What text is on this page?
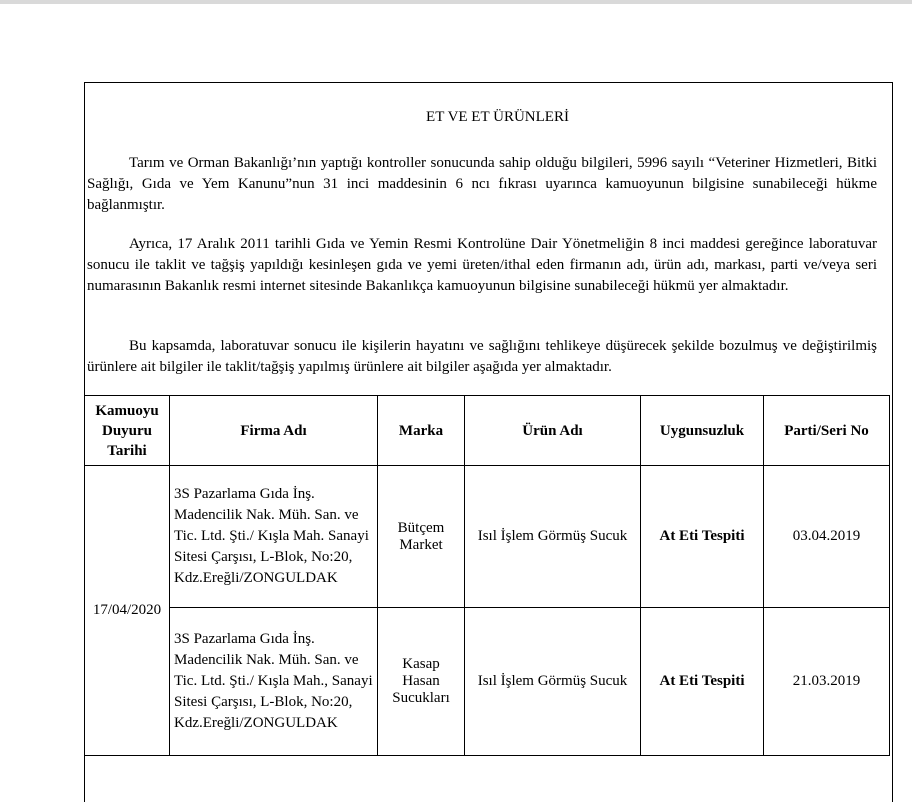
ET VE ET ÜRÜNLERİ

Tarım ve Orman Bakanlığı’nın yaptığı kontroller sonucunda sahip olduğu bilgileri, 5996 sayılı “Veteriner Hizmetleri, Bitki Sağlığı, Gıda ve Yem Kanunu”nun 31 inci maddesinin 6 ncı fıkrası uyarınca kamuoyunun bilgisine sunabileceği hükme bağlanmıştır.

Ayrıca, 17 Aralık 2011 tarihli Gıda ve Yemin Resmi Kontrolüne Dair Yönetmeliğin 8 inci maddesi gereğince laboratuvar sonucu ile taklit ve tağşiş yapıldığı kesinleşen gıda ve yemi üreten/ithal eden firmanın adı, ürün adı, markası, parti ve/veya seri numarasının Bakanlık resmi internet sitesinde Bakanlıkça kamuoyunun bilgisine sunabileceği hükmü yer almaktadır.

Bu kapsamda, laboratuvar sonucu ile kişilerin hayatını ve sağlığını tehlikeye düşürecek şekilde bozulmuş ve değiştirilmiş ürünlere ait bilgiler ile taklit/tağşiş yapılmış ürünlere ait bilgiler aşağıda yer almaktadır.

Kamuoyu Duyuru Tarihi	Firma Adı	Marka	Ürün Adı	Uygunsuzluk	Parti/Seri No
17/04/2020	3S Pazarlama Gıda İnş. Madencilik Nak. Müh. San. ve Tic. Ltd. Şti./ Kışla Mah. Sanayi Sitesi Çarşısı, L-Blok, No:20, Kdz.Ereğli/ZONGULDAK	Bütçem Market	Isıl İşlem Görmüş Sucuk	At Eti Tespiti	03.04.2019
	3S Pazarlama Gıda İnş. Madencilik Nak. Müh. San. ve Tic. Ltd. Şti./ Kışla Mah., Sanayi Sitesi Çarşısı, L-Blok, No:20, Kdz.Ereğli/ZONGULDAK	Kasap Hasan Sucukları	Isıl İşlem Görmüş Sucuk	At Eti Tespiti	21.03.2019
